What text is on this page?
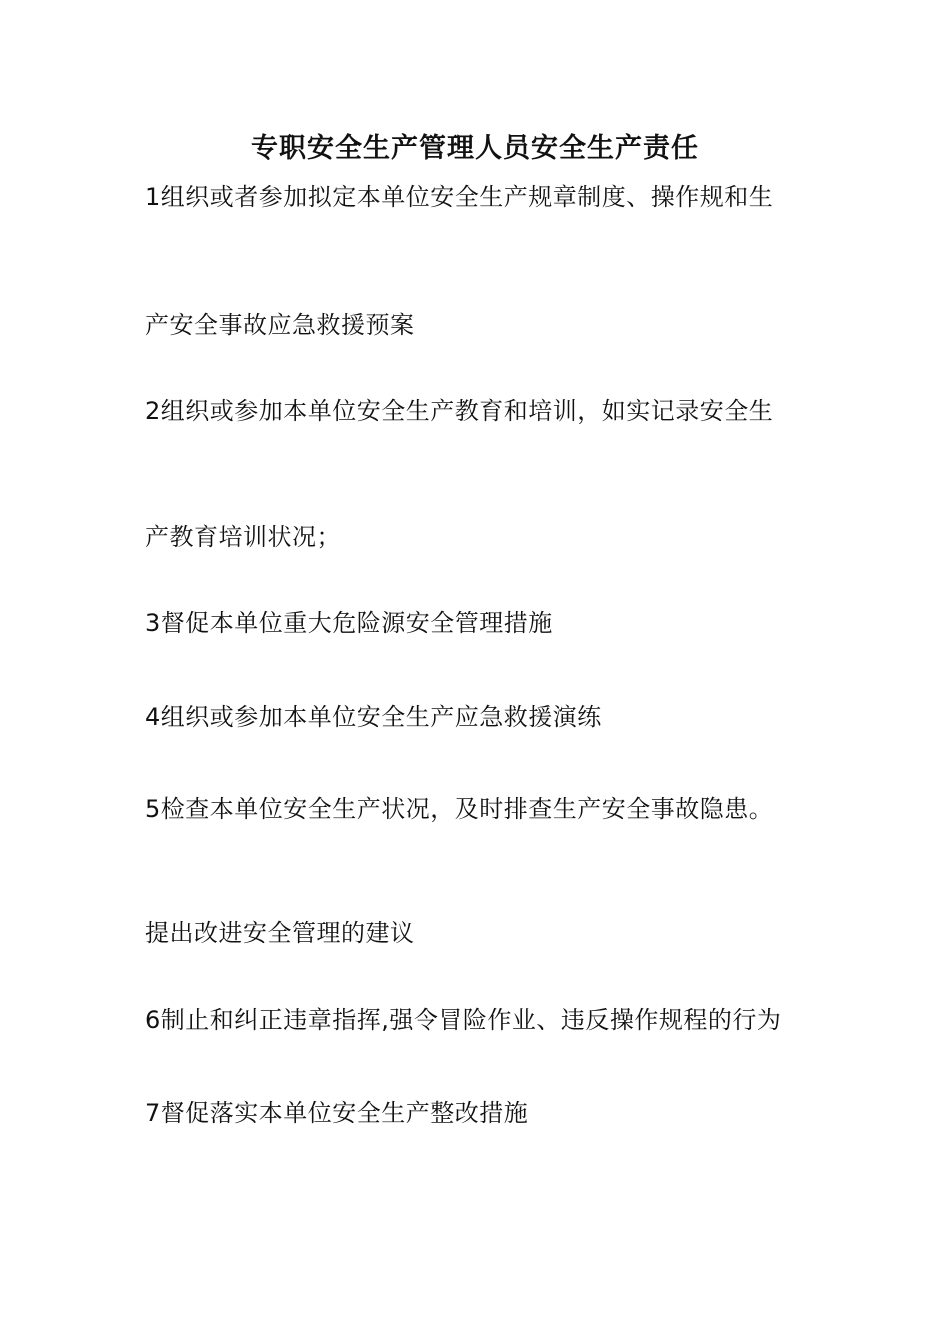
专职安全生产管理人员安全生产责任
1组织或者参加拟定本单位安全生产规章制度、操作规和生
产安全事故应急救援预案
2组织或参加本单位安全生产教育和培训，如实记录安全生
产教育培训状况；
3督促本单位重大危险源安全管理措施
4组织或参加本单位安全生产应急救援演练
5检查本单位安全生产状况，及时排查生产安全事故隐患。
提出改进安全管理的建议
6制止和纠正违章指挥,强令冒险作业、违反操作规程的行为
7督促落实本单位安全生产整改措施
